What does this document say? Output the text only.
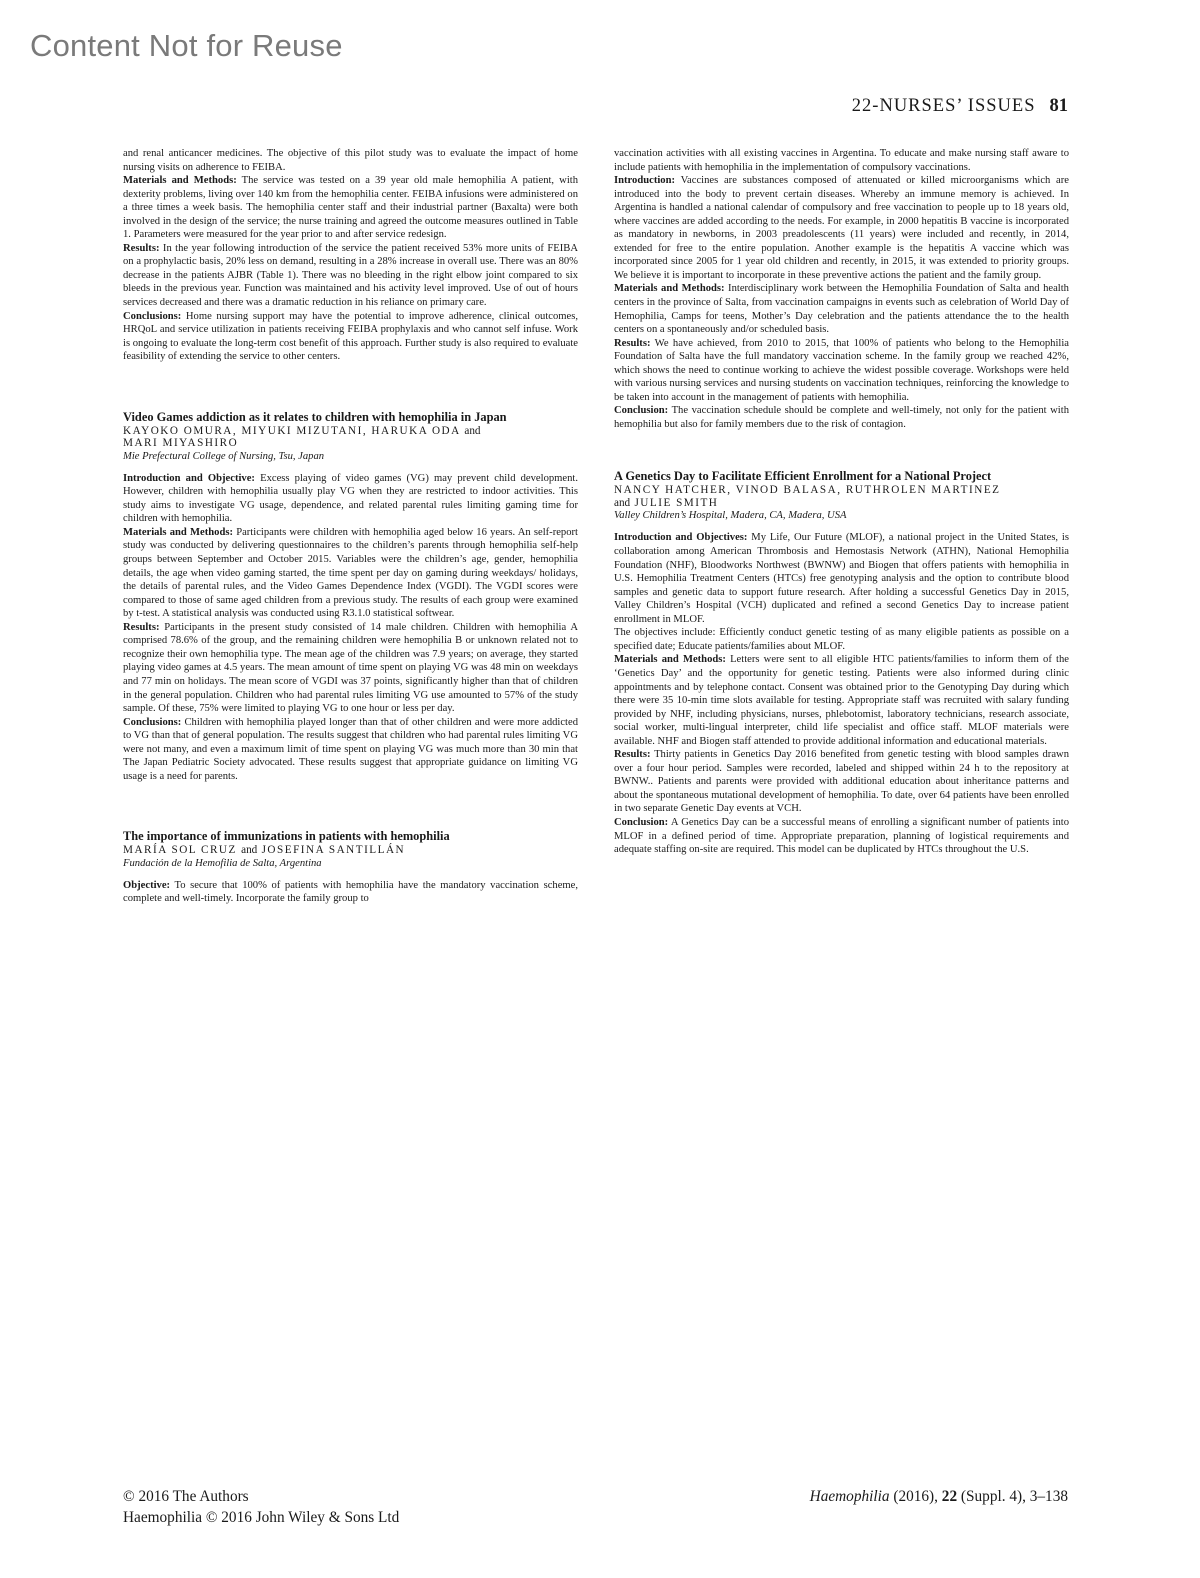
Content Not for Reuse
22-NURSES’ ISSUES 81

and renal anticancer medicines. The objective of this pilot study was to evaluate the impact of home nursing visits on adherence to FEIBA.

Materials and Methods: The service was tested on a 39 year old male hemophilia A patient, with dexterity problems, living over 140 km from the hemophilia center. FEIBA infusions were administered on a three times a week basis. The hemophilia center staff and their industrial partner (Baxalta) were both involved in the design of the service; the nurse training and agreed the outcome measures outlined in Table 1. Parameters were measured for the year prior to and after service redesign.

Results: In the year following introduction of the service the patient received 53% more units of FEIBA on a prophylactic basis, 20% less on demand, resulting in a 28% increase in overall use. There was an 80% decrease in the patients AJBR (Table 1). There was no bleeding in the right elbow joint compared to six bleeds in the previous year. Function was maintained and his activity level improved. Use of out of hours services decreased and there was a dramatic reduction in his reliance on primary care.

Conclusions: Home nursing support may have the potential to improve adherence, clinical outcomes, HRQoL and service utilization in patients receiving FEIBA prophylaxis and who cannot self infuse. Work is ongoing to evaluate the long-term cost benefit of this approach. Further study is also required to evaluate feasibility of extending the service to other centers.

Video Games addiction as it relates to children with hemophilia in Japan

KAYOKO OMURA, MIYUKI MIZUTANI, HARUKA ODA and
MARI MIYASHIRO

Mie Prefectural College of Nursing, Tsu, Japan

Introduction and Objective: Excess playing of video games (VG) may prevent child development. However, children with hemophilia usually play VG when they are restricted to indoor activities. This study aims to investigate VG usage, dependence, and related parental rules limiting gaming time for children with hemophilia.

Materials and Methods: Participants were children with hemophilia aged below 16 years. An self-report study was conducted by delivering questionnaires to the children’s parents through hemophilia self-help groups between September and October 2015. Variables were the children’s age, gender, hemophilia details, the age when video gaming started, the time spent per day on gaming during weekdays/ holidays, the details of parental rules, and the Video Games Dependence Index (VGDI). The VGDI scores were compared to those of same aged children from a previous study. The results of each group were examined by t-test. A statistical analysis was conducted using R3.1.0 statistical softwear.

Results: Participants in the present study consisted of 14 male children. Children with hemophilia A comprised 78.6% of the group, and the remaining children were hemophilia B or unknown related not to recognize their own hemophilia type. The mean age of the children was 7.9 years; on average, they started playing video games at 4.5 years. The mean amount of time spent on playing VG was 48 min on weekdays and 77 min on holidays. The mean score of VGDI was 37 points, significantly higher than that of children in the general population. Children who had parental rules limiting VG use amounted to 57% of the study sample. Of these, 75% were limited to playing VG to one hour or less per day.

Conclusions: Children with hemophilia played longer than that of other children and were more addicted to VG than that of general population. The results suggest that children who had parental rules limiting VG were not many, and even a maximum limit of time spent on playing VG was much more than 30 min that The Japan Pediatric Society advocated. These results suggest that appropriate guidance on limiting VG usage is a need for parents.

The importance of immunizations in patients with hemophilia

MARÍA SOL CRUZ and JOSEFINA SANTILLÁN

Fundación de la Hemofilia de Salta, Argentina

Objective: To secure that 100% of patients with hemophilia have the mandatory vaccination scheme, complete and well-timely. Incorporate the family group to

vaccination activities with all existing vaccines in Argentina. To educate and make nursing staff aware to include patients with hemophilia in the implementation of compulsory vaccinations.

Introduction: Vaccines are substances composed of attenuated or killed microorganisms which are introduced into the body to prevent certain diseases. Whereby an immune memory is achieved. In Argentina is handled a national calendar of compulsory and free vaccination to people up to 18 years old, where vaccines are added according to the needs. For example, in 2000 hepatitis B vaccine is incorporated as mandatory in newborns, in 2003 preadolescents (11 years) were included and recently, in 2014, extended for free to the entire population. Another example is the hepatitis A vaccine which was incorporated since 2005 for 1 year old children and recently, in 2015, it was extended to priority groups. We believe it is important to incorporate in these preventive actions the patient and the family group.

Materials and Methods: Interdisciplinary work between the Hemophilia Foundation of Salta and health centers in the province of Salta, from vaccination campaigns in events such as celebration of World Day of Hemophilia, Camps for teens, Mother’s Day celebration and the patients attendance the to the health centers on a spontaneously and/or scheduled basis.

Results: We have achieved, from 2010 to 2015, that 100% of patients who belong to the Hemophilia Foundation of Salta have the full mandatory vaccination scheme. In the family group we reached 42%, which shows the need to continue working to achieve the widest possible coverage. Workshops were held with various nursing services and nursing students on vaccination techniques, reinforcing the knowledge to be taken into account in the management of patients with hemophilia.

Conclusion: The vaccination schedule should be complete and well-timely, not only for the patient with hemophilia but also for family members due to the risk of contagion.

A Genetics Day to Facilitate Efficient Enrollment for a National Project

NANCY HATCHER, VINOD BALASA, RUTHROLEN MARTINEZ
and JULIE SMITH

Valley Children’s Hospital, Madera, CA, Madera, USA

Introduction and Objectives: My Life, Our Future (MLOF), a national project in the United States, is collaboration among American Thrombosis and Hemostasis Network (ATHN), National Hemophilia Foundation (NHF), Bloodworks Northwest (BWNW) and Biogen that offers patients with hemophilia in U.S. Hemophilia Treatment Centers (HTCs) free genotyping analysis and the option to contribute blood samples and genetic data to support future research. After holding a successful Genetics Day in 2015, Valley Children’s Hospital (VCH) duplicated and refined a second Genetics Day to increase patient enrollment in MLOF.

The objectives include: Efficiently conduct genetic testing of as many eligible patients as possible on a specified date; Educate patients/families about MLOF.

Materials and Methods: Letters were sent to all eligible HTC patients/families to inform them of the ‘Genetics Day’ and the opportunity for genetic testing. Patients were also informed during clinic appointments and by telephone contact. Consent was obtained prior to the Genotyping Day during which there were 35 10-min time slots available for testing. Appropriate staff was recruited with salary funding provided by NHF, including physicians, nurses, phlebotomist, laboratory technicians, research associate, social worker, multi-lingual interpreter, child life specialist and office staff. MLOF materials were available. NHF and Biogen staff attended to provide additional information and educational materials.

Results: Thirty patients in Genetics Day 2016 benefited from genetic testing with blood samples drawn over a four hour period. Samples were recorded, labeled and shipped within 24 h to the repository at BWNW.. Patients and parents were provided with additional education about inheritance patterns and about the spontaneous mutational development of hemophilia. To date, over 64 patients have been enrolled in two separate Genetic Day events at VCH.

Conclusion: A Genetics Day can be a successful means of enrolling a significant number of patients into MLOF in a defined period of time. Appropriate preparation, planning of logistical requirements and adequate staffing on-site are required. This model can be duplicated by HTCs throughout the U.S.

© 2016 The Authors
Haemophilia © 2016 John Wiley & Sons Ltd
Haemophilia (2016), 22 (Suppl. 4), 3–138
